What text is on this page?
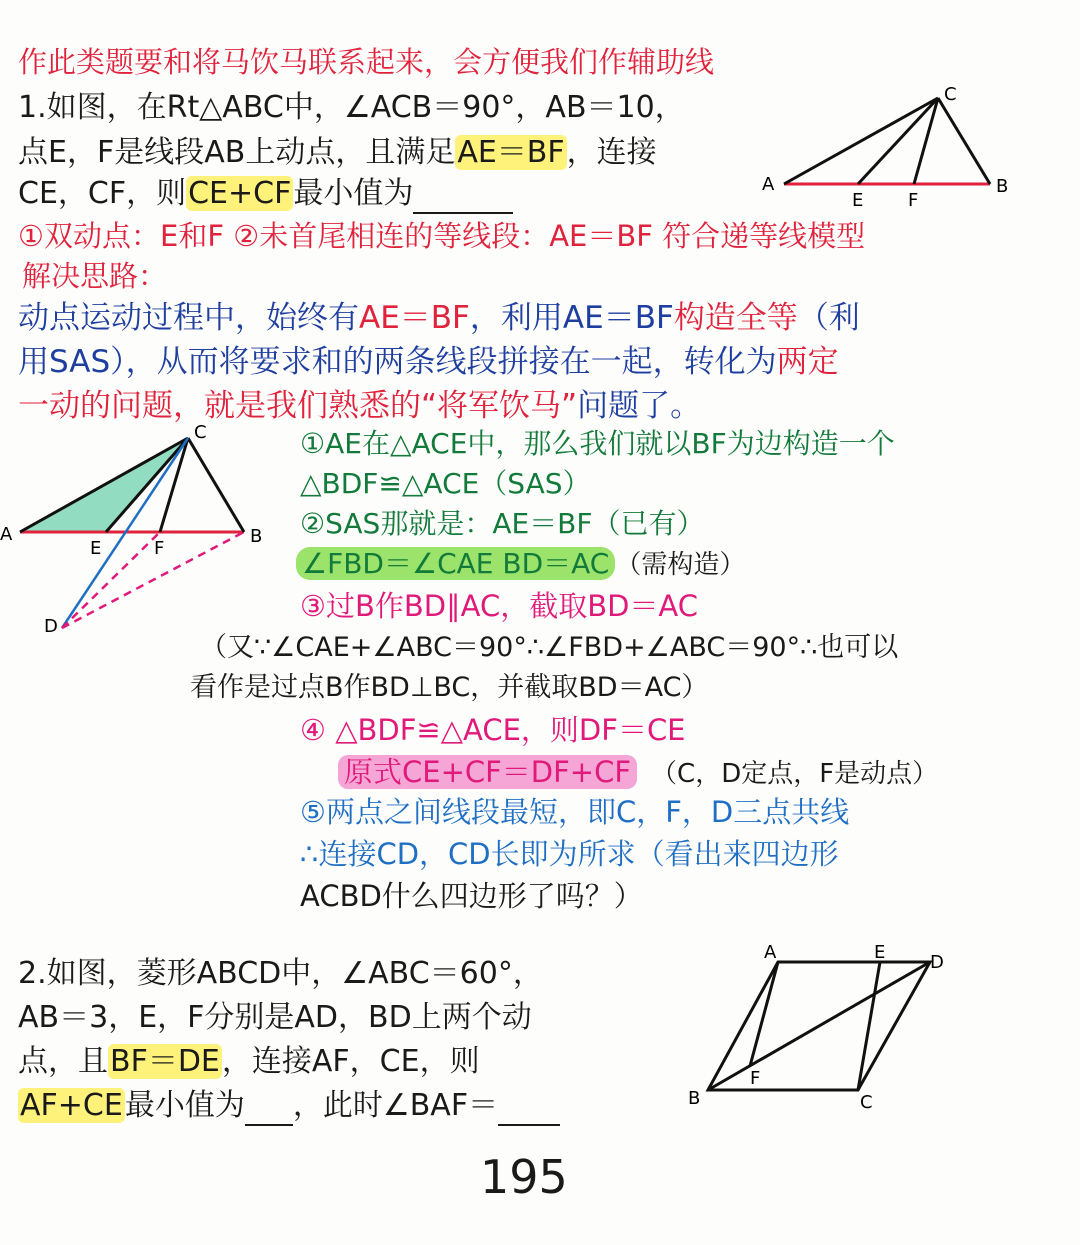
作此类题要和将马饮马联系起来，会方便我们作辅助线
1.如图，在Rt△ABC中，∠ACB＝90°，AB＝10，
点E，F是线段AB上动点，且满足AE＝BF，连接
CE，CF，则CE+CF最小值为	A	B
C
E F
①双动点：E和F ②未首尾相连的等线段：AE＝BF 符合递等线模型
解决思路：
动点运动过程中，始终有AE＝BF，利用AE＝BF构造全等（利
用SAS），从而将要求和的两条线段拼接在一起，转化为两定
一动的问题，就是我们熟悉的“将军饮马”问题了。
A	B
C
E	F
D
①AE在△ACE中，那么我们就以BF为边构造一个
△BDF≌△ACE（SAS）
②SAS那就是：AE＝BF（已有）
∠FBD＝∠CAE BD＝AC （需构造）
③过B作BD∥AC，截取BD＝AC
（又∵∠CAE+∠ABC＝90°∴∠FBD+∠ABC＝90°∴也可以
看作是过点B作BD⊥BC，并截取BD＝AC）
④ △BDF≌△ACE，则DF＝CE
原式CE+CF＝DF+CF （C，D定点，F是动点）
⑤两点之间线段最短，即C，F，D三点共线
∴连接CD，CD长即为所求（看出来四边形
ACBD什么四边形了吗？）
2.如图，菱形ABCD中，∠ABC＝60°，
AB＝3，E，F分别是AD，BD上两个动
点，且BF＝DE，连接AF，CE，则
AF+CE最小值为 ，此时∠BAF＝
A	E D
B	C
F
195
